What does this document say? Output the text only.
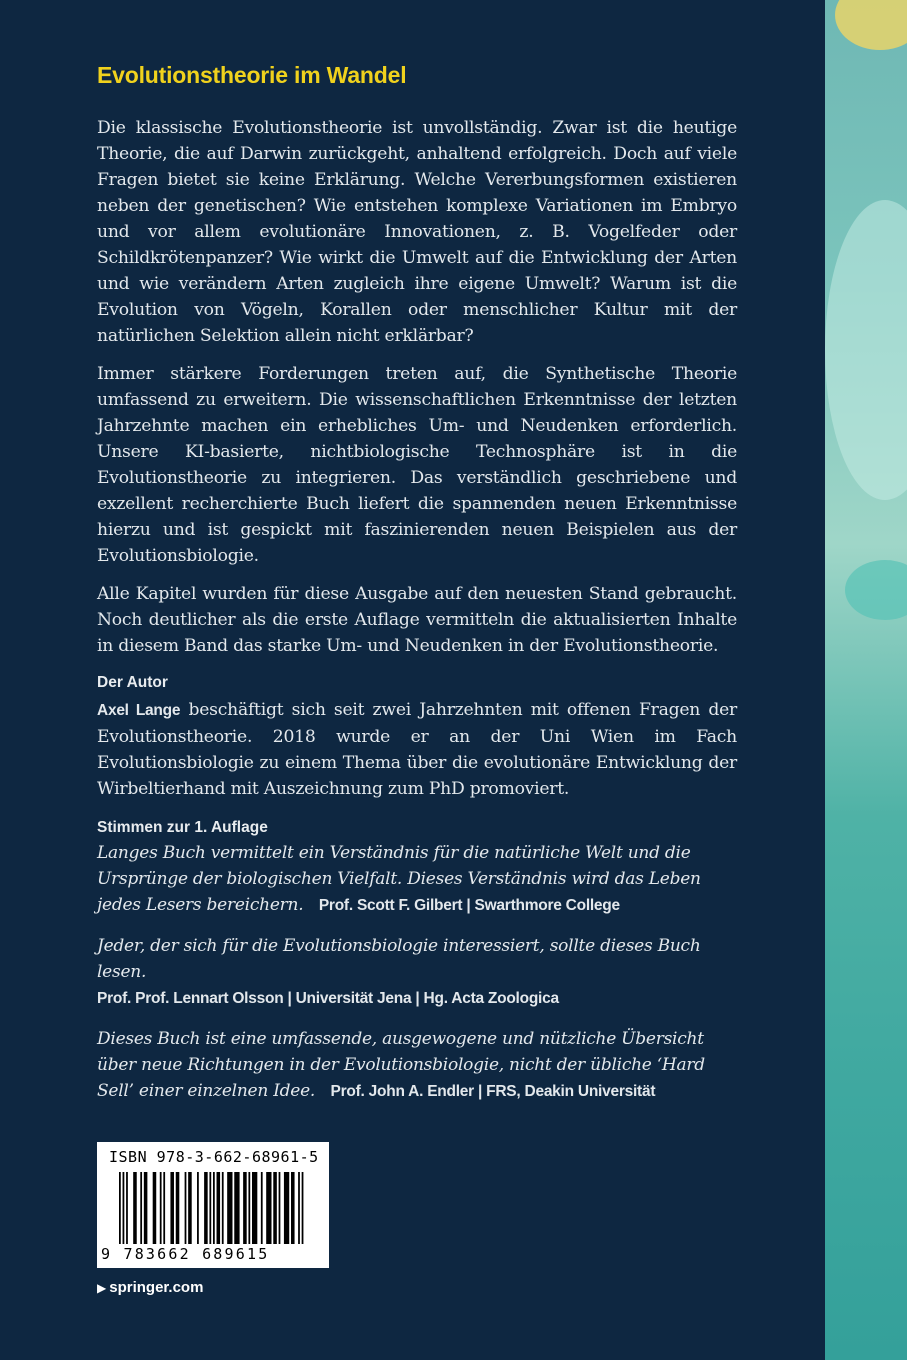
Evolutionstheorie im Wandel

Die klassische Evolutionstheorie ist unvollständig. Zwar ist die heutige Theorie, die auf Darwin zurückgeht, anhaltend erfolgreich. Doch auf viele Fragen bietet sie keine Erklärung. Welche Vererbungsformen existieren neben der genetischen? Wie entstehen komplexe Variationen im Embryo und vor allem evolutionäre Innovationen, z. B. Vogelfeder oder Schildkrötenpanzer? Wie wirkt die Umwelt auf die Entwicklung der Arten und wie verändern Arten zugleich ihre eigene Umwelt? Warum ist die Evolution von Vögeln, Korallen oder menschlicher Kultur mit der natürlichen Selektion allein nicht erklärbar?

Immer stärkere Forderungen treten auf, die Synthetische Theorie umfassend zu erweitern. Die wissenschaftlichen Erkenntnisse der letzten Jahrzehnte machen ein erhebliches Um- und Neudenken erforderlich. Unsere KI-basierte, nichtbiologische Technosphäre ist in die Evolutionstheorie zu integrieren. Das verständlich geschriebene und exzellent recherchierte Buch liefert die spannenden neuen Erkenntnisse hierzu und ist gespickt mit faszinierenden neuen Beispielen aus der Evolutionsbiologie.

Alle Kapitel wurden für diese Ausgabe auf den neuesten Stand gebraucht. Noch deutlicher als die erste Auflage vermitteln die aktualisierten Inhalte in diesem Band das starke Um- und Neudenken in der Evolutionstheorie.

Der Autor

Axel Lange beschäftigt sich seit zwei Jahrzehnten mit offenen Fragen der Evolutionstheorie. 2018 wurde er an der Uni Wien im Fach Evolutionsbiologie zu einem Thema über die evolutionäre Entwicklung der Wirbeltierhand mit Auszeichnung zum PhD promoviert.

Stimmen zur 1. Auflage

Langes Buch vermittelt ein Verständnis für die natürliche Welt und die Ursprünge der biologischen Vielfalt. Dieses Verständnis wird das Leben jedes Lesers bereichern. Prof. Scott F. Gilbert | Swarthmore College

Jeder, der sich für die Evolutionsbiologie interessiert, sollte dieses Buch lesen.
Prof. Prof. Lennart Olsson | Universität Jena | Hg. Acta Zoologica

Dieses Buch ist eine umfassende, ausgewogene und nützliche Übersicht über neue Richtungen in der Evolutionsbiologie, nicht der übliche ‘Hard Sell’ einer einzelnen Idee. Prof. John A. Endler | FRS, Deakin Universität

ISBN 978-3-662-68961-5
9 783662 689615
▶ springer.com
